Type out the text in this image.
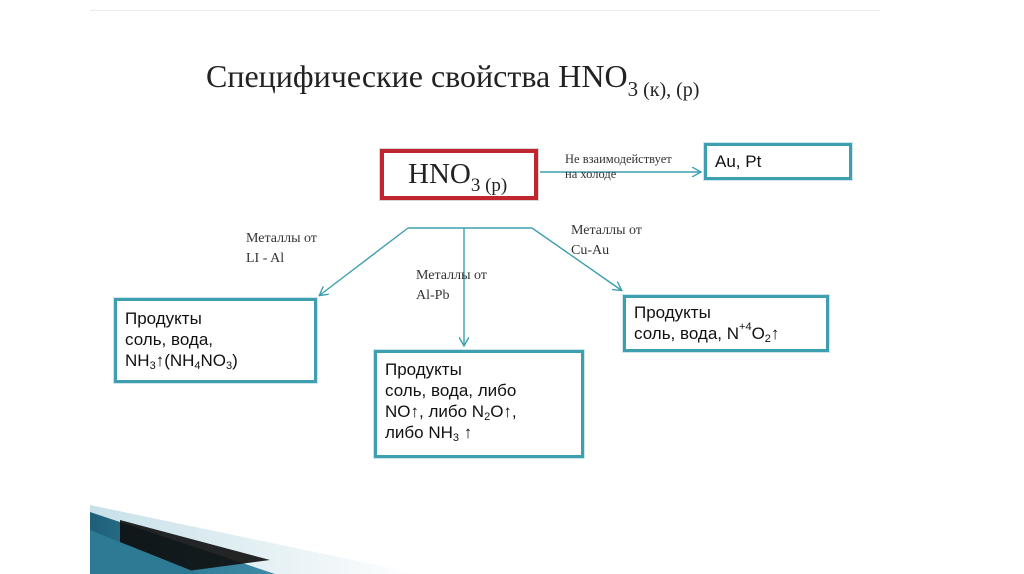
Специфические свойства $HNO_3$ $_{(к), (р)}$
$HNO_{3 (р)}$
Не взаимодействует
на холоде
Au, Pt
Металлы от
LI - Al
Металлы от
Al-Pb
Металлы от
Cu-Au
Продукты
соль, вода,
$NH_3↑(NH_4NO_3)$	Продукты
соль, вода, либо
NO↑, либо $N_2O↑$,
либо $NH_3$ ↑
Продукты
соль, вода, $N^{+4}O_2↑$
